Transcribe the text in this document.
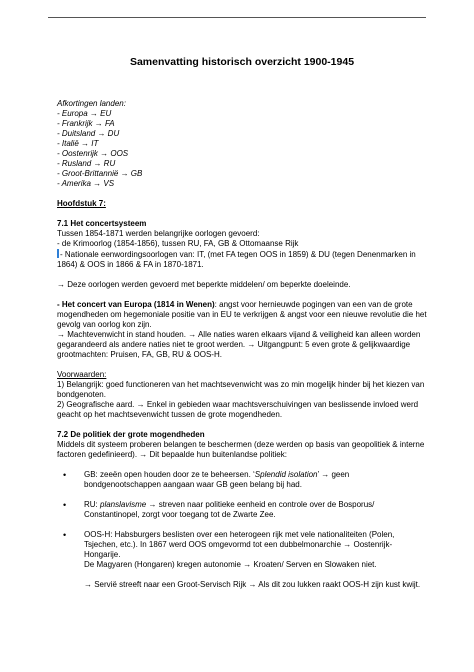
Samenvatting historisch overzicht 1900-1945
Afkortingen landen:
- Europa → EU
- Frankrijk → FA
- Duitsland → DU
- Italië → IT
- Oostenrijk → OOS
- Rusland → RU
- Groot-Brittannië → GB
- Amerika → VS
Hoofdstuk 7:
7.1 Het concertsysteem
Tussen 1854-1871 werden belangrijke oorlogen gevoerd:
- de Krimoorlog (1854-1856), tussen RU, FA, GB & Ottomaanse Rijk
- Nationale eenwordingsoorlogen van: IT, (met FA tegen OOS in 1859) & DU (tegen Denenmarken in 1864) & OOS in 1866 & FA in 1870-1871.
→ Deze oorlogen werden gevoerd met beperkte middelen/ om beperkte doeleinde.
- Het concert van Europa (1814 in Wenen): angst voor hernieuwde pogingen van een van de grote mogendheden om hegemoniale positie van in EU te verkrijgen & angst voor een nieuwe revolutie die het gevolg van oorlog kon zijn.
→ Machtevenwicht in stand houden. → Alle naties waren elkaars vijand & veiligheid kan alleen worden gegarandeerd als andere naties niet te groot werden. → Uitgangpunt: 5 even grote & gelijkwaardige grootmachten: Pruisen, FA, GB, RU & OOS-H.
Voorwaarden:
1) Belangrijk: goed functioneren van het machtsevenwicht was zo min mogelijk hinder bij het kiezen van bondgenoten.
2) Geografische aard. → Enkel in gebieden waar machtsverschuivingen van beslissende invloed werd geacht op het machtsevenwicht tussen de grote mogendheden.
7.2 De politiek der grote mogendheden
Middels dit systeem proberen belangen te beschermen (deze werden op basis van geopolitiek & interne factoren gedefinieerd). → Dit bepaalde hun buitenlandse politiek:
• GB: zeeën open houden door ze te beheersen. ‘Splendid isolation’ → geen bondgenootschappen aangaan waar GB geen belang bij had.
• RU: planslavisme → streven naar politieke eenheid en controle over de Bosporus/ Constantinopel, zorgt voor toegang tot de Zwarte Zee.
• OOS-H: Habsburgers beslisten over een heterogeen rijk met vele nationaliteiten (Polen, Tsjechen, etc.). In 1867 werd OOS omgevormd tot een dubbelmonarchie → Oostenrijk-Hongarije.
De Magyaren (Hongaren) kregen autonomie → Kroaten/ Serven en Slowaken niet.
→ Servië streeft naar een Groot-Servisch Rijk → Als dit zou lukken raakt OOS-H zijn kust kwijt.
